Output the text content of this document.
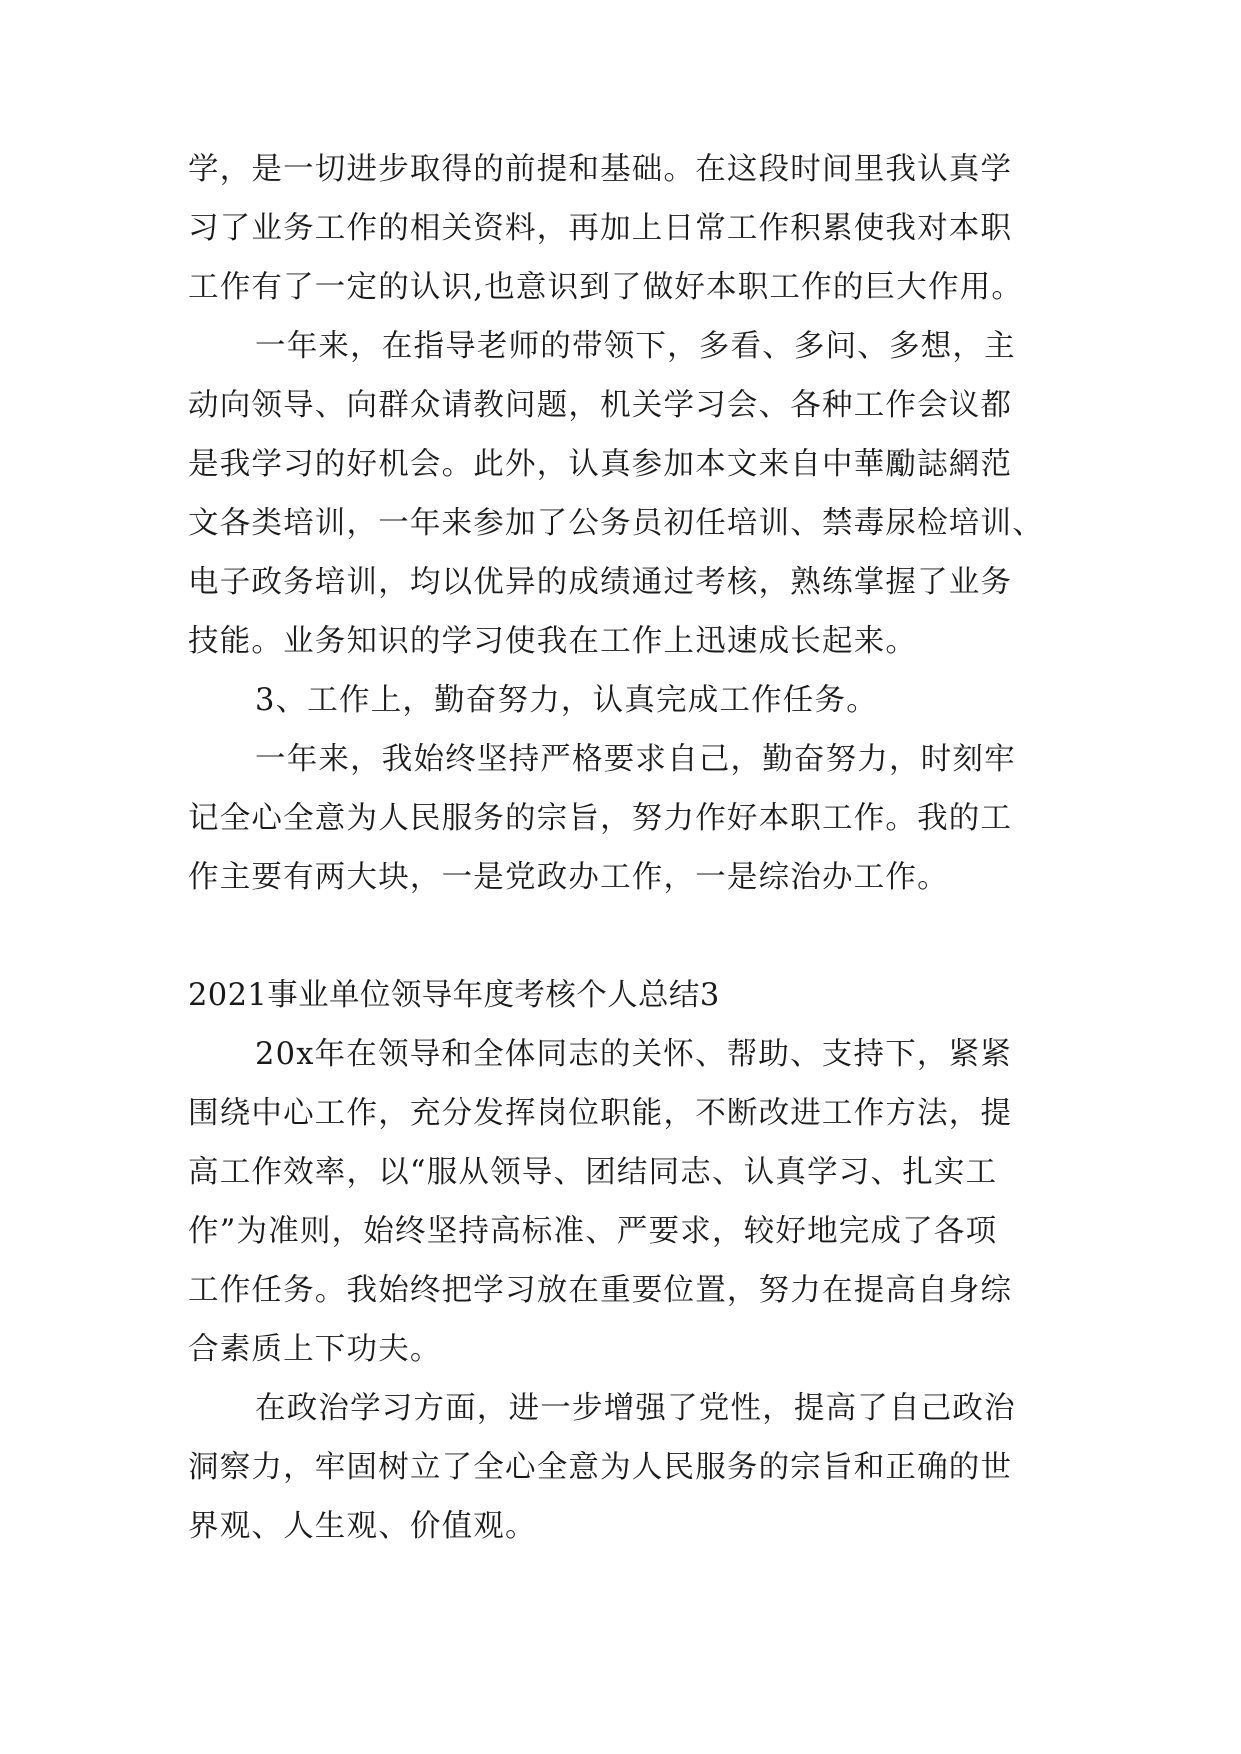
学，是一切进步取得的前提和基础。在这段时间里我认真学
习了业务工作的相关资料，再加上日常工作积累使我对本职
工作有了一定的认识,也意识到了做好本职工作的巨大作用。
一年来，在指导老师的带领下，多看、多问、多想，主
动向领导、向群众请教问题，机关学习会、各种工作会议都
是我学习的好机会。此外，认真参加本文来自中華勵誌網范
文各类培训，一年来参加了公务员初任培训、禁毒尿检培训、
电子政务培训，均以优异的成绩通过考核，熟练掌握了业务
技能。业务知识的学习使我在工作上迅速成长起来。
3、工作上，勤奋努力，认真完成工作任务。
一年来，我始终坚持严格要求自己，勤奋努力，时刻牢
记全心全意为人民服务的宗旨，努力作好本职工作。我的工
作主要有两大块，一是党政办工作，一是综治办工作。
2021事业单位领导年度考核个人总结3
20x年在领导和全体同志的关怀、帮助、支持下，紧紧
围绕中心工作，充分发挥岗位职能，不断改进工作方法，提
高工作效率，以“服从领导、团结同志、认真学习、扎实工
作”为准则，始终坚持高标准、严要求，较好地完成了各项
工作任务。我始终把学习放在重要位置，努力在提高自身综
合素质上下功夫。
在政治学习方面，进一步增强了党性，提高了自己政治
洞察力，牢固树立了全心全意为人民服务的宗旨和正确的世
界观、人生观、价值观。
